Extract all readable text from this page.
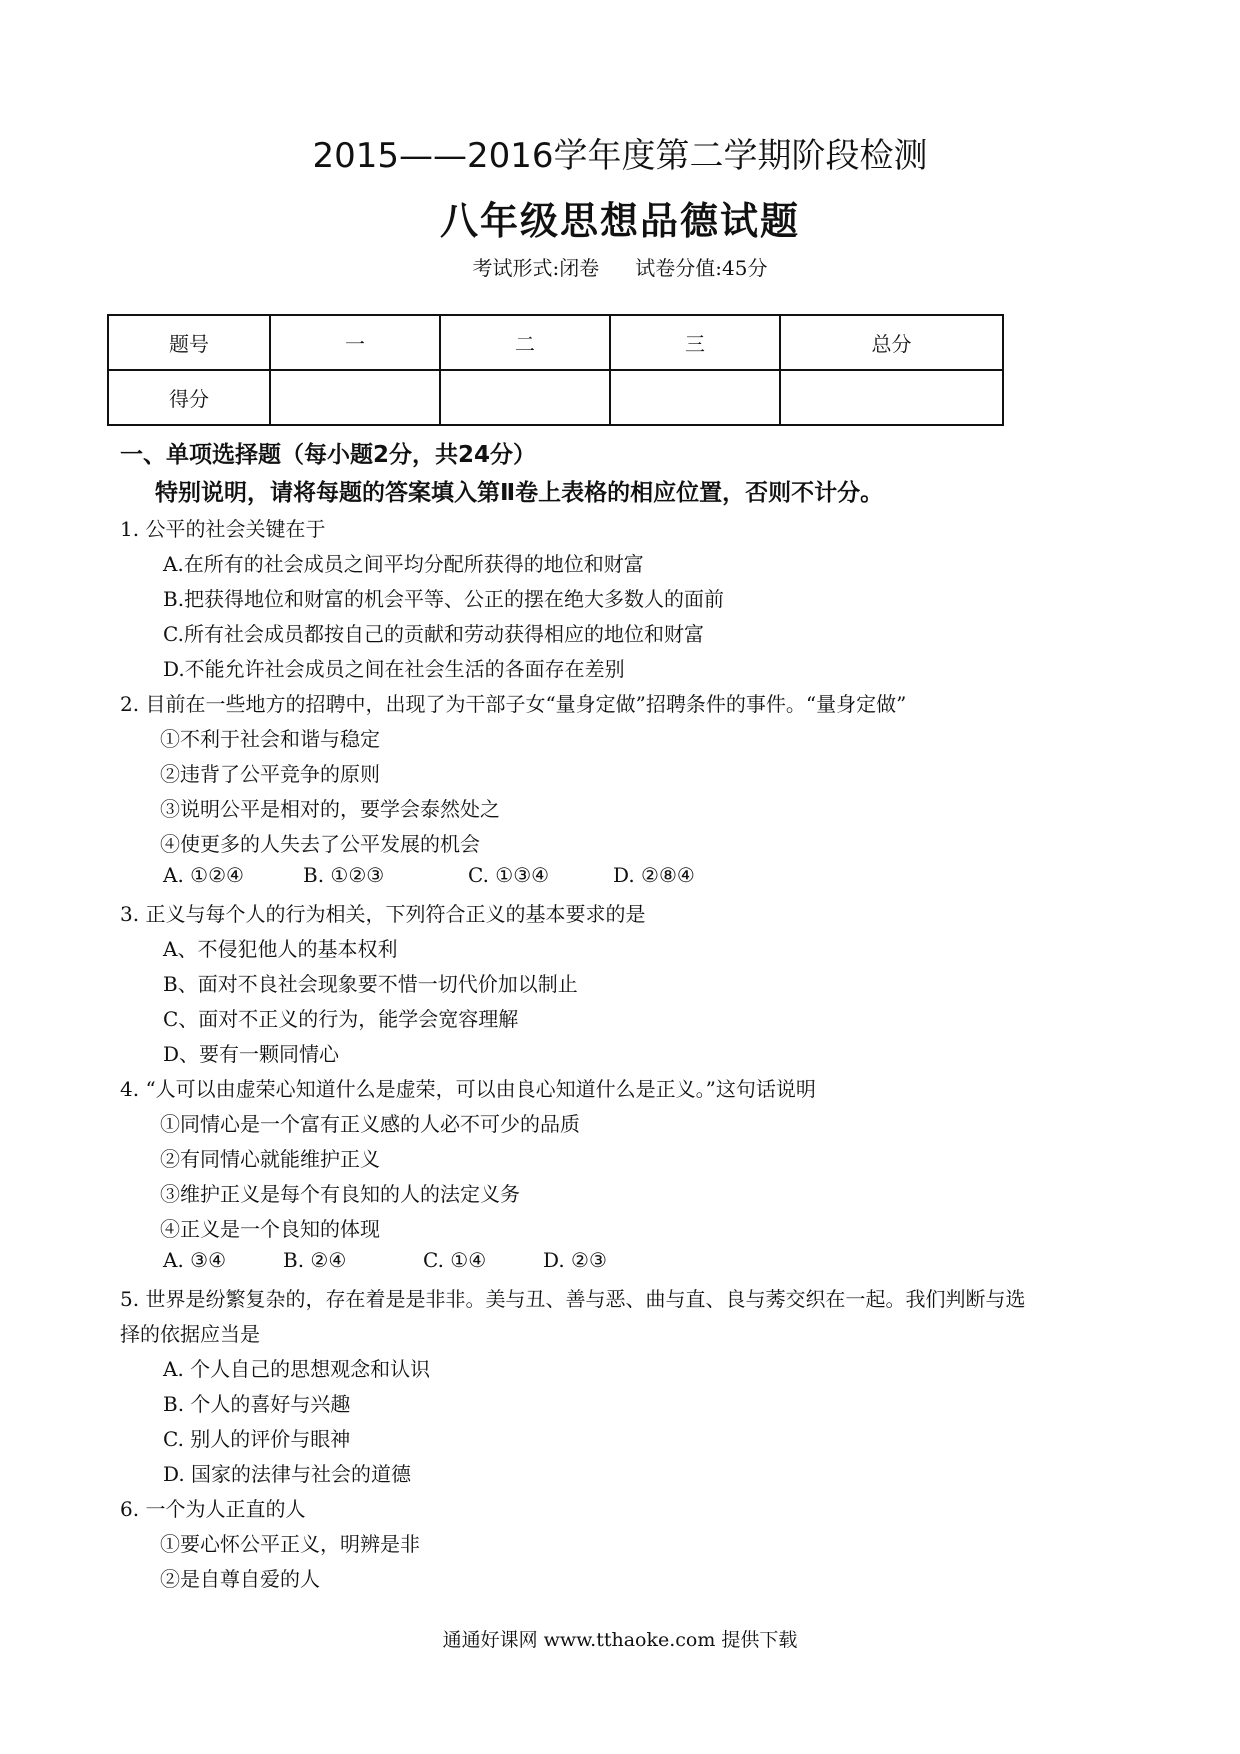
2015——2016学年度第二学期阶段检测
八年级思想品德试题
考试形式:闭卷 试卷分值:45分
题号	一	二	三	总分
得分				
一、单项选择题（每小题2分，共24分）
特别说明，请将每题的答案填入第Ⅱ卷上表格的相应位置，否则不计分。
1. 公平的社会关键在于
A.在所有的社会成员之间平均分配所获得的地位和财富
B.把获得地位和财富的机会平等、公正的摆在绝大多数人的面前
C.所有社会成员都按自己的贡献和劳动获得相应的地位和财富
D.不能允许社会成员之间在社会生活的各面存在差别
2. 目前在一些地方的招聘中，出现了为干部子女“量身定做”招聘条件的事件。“量身定做”
①不利于社会和谐与稳定
②违背了公平竞争的原则
③说明公平是相对的，要学会泰然处之
④使更多的人失去了公平发展的机会
A. ①②④	B. ①②③	C. ①③④	D. ②⑧④
3. 正义与每个人的行为相关，下列符合正义的基本要求的是
A、不侵犯他人的基本权利
B、面对不良社会现象要不惜一切代价加以制止
C、面对不正义的行为，能学会宽容理解
D、要有一颗同情心
4. “人可以由虚荣心知道什么是虚荣，可以由良心知道什么是正义。”这句话说明
①同情心是一个富有正义感的人必不可少的品质
②有同情心就能维护正义
③维护正义是每个有良知的人的法定义务
④正义是一个良知的体现
A. ③④	B. ②④	C. ①④	D. ②③
5. 世界是纷繁复杂的，存在着是是非非。美与丑、善与恶、曲与直、良与莠交织在一起。我们判断与选
择的依据应当是
A. 个人自己的思想观念和认识
B. 个人的喜好与兴趣
C. 别人的评价与眼神
D. 国家的法律与社会的道德
6. 一个为人正直的人
①要心怀公平正义，明辨是非
②是自尊自爱的人
通通好课网 www.tthaoke.com 提供下载
